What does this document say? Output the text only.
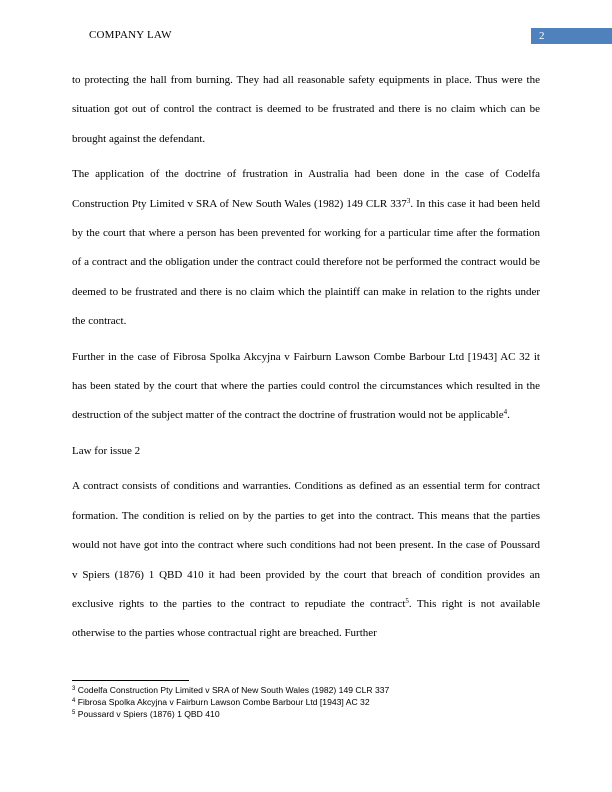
COMPANY LAW	2

to protecting the hall from burning. They had all reasonable safety equipments in place. Thus were the situation got out of control the contract is deemed to be frustrated and there is no claim which can be brought against the defendant.

The application of the doctrine of frustration in Australia had been done in the case of Codelfa Construction Pty Limited v SRA of New South Wales (1982) 149 CLR 337$^3$. In this case it had been held by the court that where a person has been prevented for working for a particular time after the formation of a contract and the obligation under the contract could therefore not be performed the contract would be deemed to be frustrated and there is no claim which the plaintiff can make in relation to the rights under the contract.

Further in the case of Fibrosa Spolka Akcyjna v Fairburn Lawson Combe Barbour Ltd [1943] AC 32 it has been stated by the court that where the parties could control the circumstances which resulted in the destruction of the subject matter of the contract the doctrine of frustration would not be applicable$^4$.

Law for issue 2

A contract consists of conditions and warranties. Conditions as defined as an essential term for contract formation. The condition is relied on by the parties to get into the contract. This means that the parties would not have got into the contract where such conditions had not been present. In the case of Poussard v Spiers (1876) 1 QBD 410 it had been provided by the court that breach of condition provides an exclusive rights to the parties to the contract to repudiate the contract$^5$. This right is not available otherwise to the parties whose contractual right are breached. Further

$^3$ Codelfa Construction Pty Limited v SRA of New South Wales (1982) 149 CLR 337
$^4$ Fibrosa Spolka Akcyjna v Fairburn Lawson Combe Barbour Ltd [1943] AC 32
$^5$ Poussard v Spiers (1876) 1 QBD 410
